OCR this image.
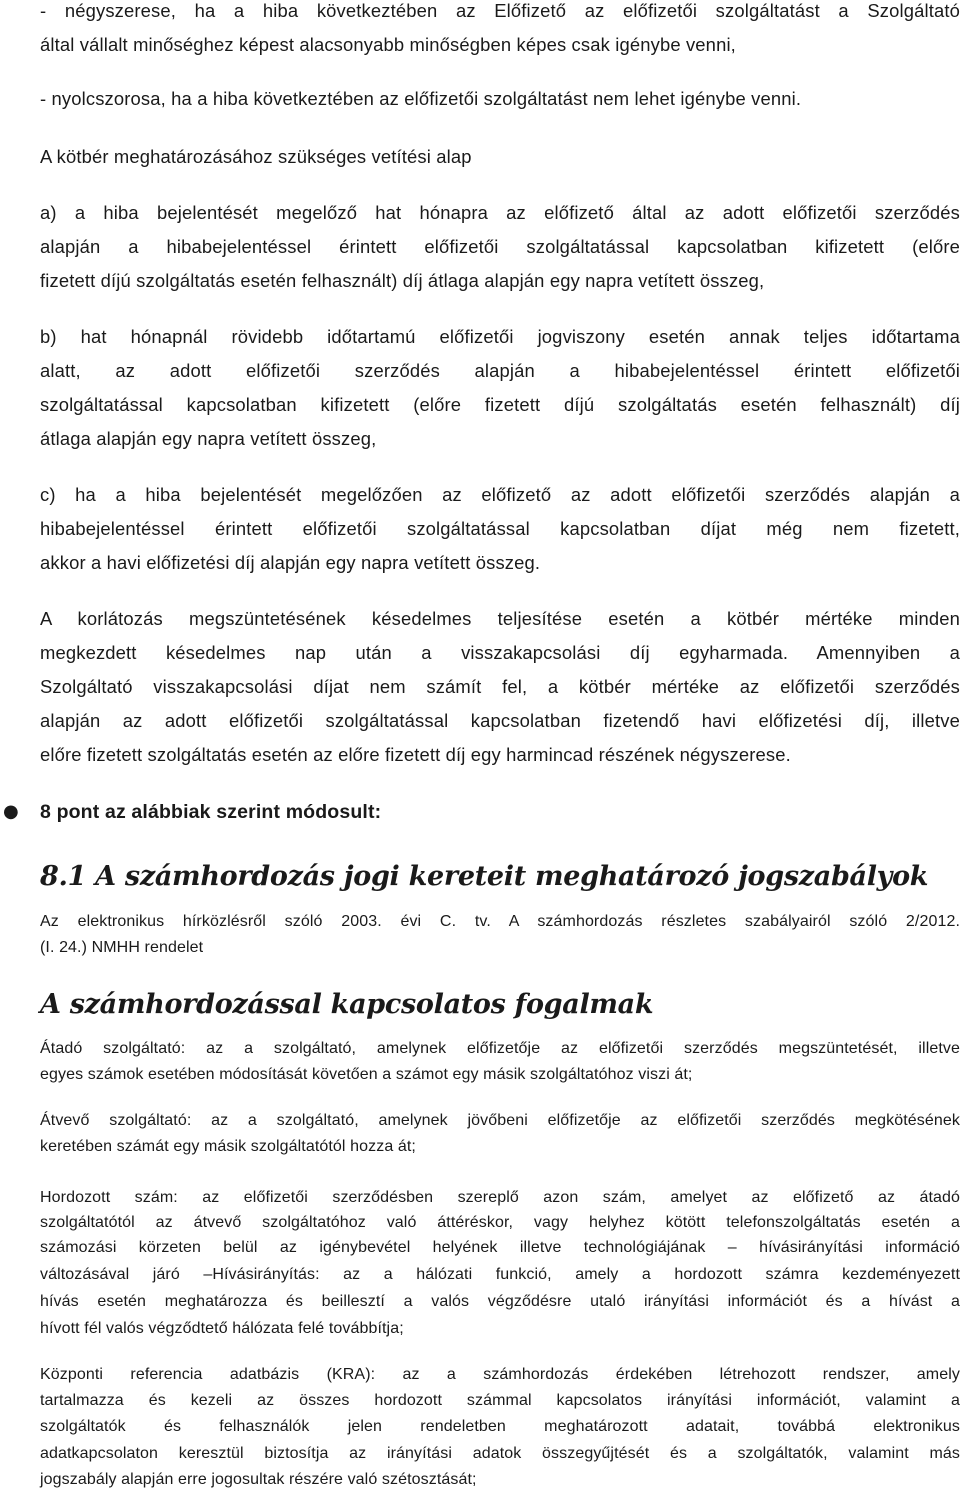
- négyszerese, ha a hiba következtében az Előfizető az előfizetői szolgáltatást a Szolgáltató
által vállalt minőséghez képest alacsonyabb minőségben képes csak igénybe venni,
- nyolcszorosa, ha a hiba következtében az előfizetői szolgáltatást nem lehet igénybe venni.
A kötbér meghatározásához szükséges vetítési alap
a) a hiba bejelentését megelőző hat hónapra az előfizető által az adott előfizetői szerződés
alapján a hibabejelentéssel érintett előfizetői szolgáltatással kapcsolatban kifizetett (előre
fizetett díjú szolgáltatás esetén felhasznált) díj átlaga alapján egy napra vetített összeg,
b) hat hónapnál rövidebb időtartamú előfizetői jogviszony esetén annak teljes időtartama
alatt, az adott előfizetői szerződés alapján a hibabejelentéssel érintett előfizetői
szolgáltatással kapcsolatban kifizetett (előre fizetett díjú szolgáltatás esetén felhasznált) díj
átlaga alapján egy napra vetített összeg,
c) ha a hiba bejelentését megelőzően az előfizető az adott előfizetői szerződés alapján a
hibabejelentéssel érintett előfizetői szolgáltatással kapcsolatban díjat még nem fizetett,
akkor a havi előfizetési díj alapján egy napra vetített összeg.
A korlátozás megszüntetésének késedelmes teljesítése esetén a kötbér mértéke minden
megkezdett késedelmes nap után a visszakapcsolási díj egyharmada. Amennyiben a
Szolgáltató visszakapcsolási díjat nem számít fel, a kötbér mértéke az előfizetői szerződés
alapján az adott előfizetői szolgáltatással kapcsolatban fizetendő havi előfizetési díj, illetve
előre fizetett szolgáltatás esetén az előre fizetett díj egy harmincad részének négyszerese.
● 8 pont az alábbiak szerint módosult:
8.1 A számhordozás jogi kereteit meghatározó jogszabályok
Az elektronikus hírközlésről szóló 2003. évi C. tv. A számhordozás részletes szabályairól szóló 2/2012.
(I. 24.) NMHH rendelet
A számhordozással kapcsolatos fogalmak
Átadó szolgáltató: az a szolgáltató, amelynek előfizetője az előfizetői szerződés megszüntetését, illetve
egyes számok esetében módosítását követően a számot egy másik szolgáltatóhoz viszi át;
Átvevő szolgáltató: az a szolgáltató, amelynek jövőbeni előfizetője az előfizetői szerződés megkötésének
keretében számát egy másik szolgáltatótól hozza át;
Hordozott szám: az előfizetői szerződésben szereplő azon szám, amelyet az előfizető az átadó
szolgáltatótól az átvevő szolgáltatóhoz való áttéréskor, vagy helyhez kötött telefonszolgáltatás esetén a
számozási körzeten belül az igénybevétel helyének illetve technológiájának – hívásirányítási információ
változásával járó –Hívásirányítás: az a hálózati funkció, amely a hordozott számra kezdeményezett
hívás esetén meghatározza és beillesztí a valós végződésre utaló irányítási információt és a hívást a
hívott fél valós végződtető hálózata felé továbbítja;
Központi referencia adatbázis (KRA): az a számhordozás érdekében létrehozott rendszer, amely
tartalmazza és kezeli az összes hordozott számmal kapcsolatos irányítási információt, valamint a
szolgáltatók és felhasználók jelen rendeletben meghatározott adatait, továbbá elektronikus
adatkapcsolaton keresztül biztosítja az irányítási adatok összegyűjtését és a szolgáltatók, valamint más
jogszabály alapján erre jogosultak részére való szétosztását;
